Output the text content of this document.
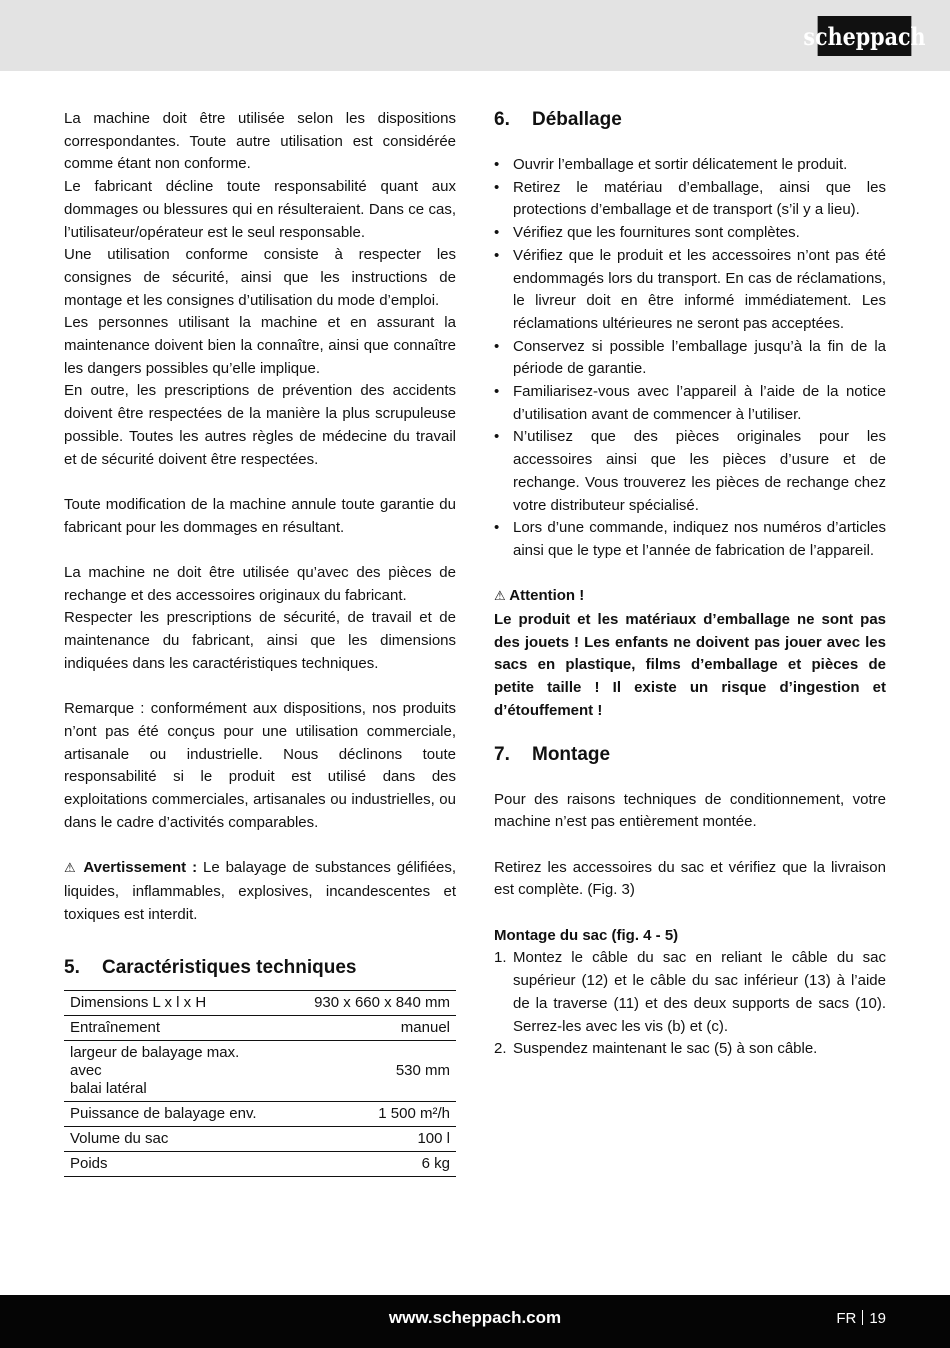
scheppach

La machine doit être utilisée selon les dispositions correspondantes. Toute autre utilisation est considérée comme étant non conforme.

Le fabricant décline toute responsabilité quant aux dommages ou blessures qui en résulteraient. Dans ce cas, l’utilisateur/opérateur est le seul responsable.

Une utilisation conforme consiste à respecter les consignes de sécurité, ainsi que les instructions de montage et les consignes d’utilisation du mode d’emploi.

Les personnes utilisant la machine et en assurant la maintenance doivent bien la connaître, ainsi que connaître les dangers possibles qu’elle implique.

En outre, les prescriptions de prévention des accidents doivent être respectées de la manière la plus scrupuleuse possible. Toutes les autres règles de médecine du travail et de sécurité doivent être respectées.

Toute modification de la machine annule toute garantie du fabricant pour les dommages en résultant.

La machine ne doit être utilisée qu’avec des pièces de rechange et des accessoires originaux du fabricant.

Respecter les prescriptions de sécurité, de travail et de maintenance du fabricant, ainsi que les dimensions indiquées dans les caractéristiques techniques.

Remarque : conformément aux dispositions, nos produits n’ont pas été conçus pour une utilisation commerciale, artisanale ou industrielle. Nous déclinons toute responsabilité si le produit est utilisé dans des exploitations commerciales, artisanales ou industrielles, ou dans le cadre d’activités comparables.

⚠ Avertissement : Le balayage de substances gélifiées, liquides, inflammables, explosives, incandescentes et toxiques est interdit.

5.	Caractéristiques techniques
Dimensions L x l x H	930 x 660 x 840 mm
Entraînement	manuel
largeur de balayage max. avec
balai latéral	530 mm
Puissance de balayage env.	1 500 m²/h
Volume du sac	100 l
Poids	6 kg
6.	Déballage
• Ouvrir l’emballage et sortir délicatement le produit.
• Retirez le matériau d’emballage, ainsi que les protections d’emballage et de transport (s’il y a lieu).
• Vérifiez que les fournitures sont complètes.
• Vérifiez que le produit et les accessoires n’ont pas été endommagés lors du transport. En cas de réclamations, le livreur doit en être informé immédiatement. Les réclamations ultérieures ne seront pas acceptées.
• Conservez si possible l’emballage jusqu’à la fin de la période de garantie.
• Familiarisez-vous avec l’appareil à l’aide de la notice d’utilisation avant de commencer à l’utiliser.
• N’utilisez que des pièces originales pour les accessoires ainsi que les pièces d’usure et de rechange. Vous trouverez les pièces de rechange chez votre distributeur spécialisé.
• Lors d’une commande, indiquez nos numéros d’articles ainsi que le type et l’année de fabrication de l’appareil.

⚠ Attention !

Le produit et les matériaux d’emballage ne sont pas des jouets ! Les enfants ne doivent pas jouer avec les sacs en plastique, films d’emballage et pièces de petite taille ! Il existe un risque d’ingestion et d’étouffement !

7.	Montage

Pour des raisons techniques de conditionnement, votre machine n’est pas entièrement montée.

Retirez les accessoires du sac et vérifiez que la livraison est complète. (Fig. 3)

Montage du sac (fig. 4 - 5)

1. Montez le câble du sac en reliant le câble du sac supérieur (12) et le câble du sac inférieur (13) à l’aide de la traverse (11) et des deux supports de sacs (10). Serrez-les avec les vis (b) et (c).
2. Suspendez maintenant le sac (5) à son câble.
www.scheppach.com	FR 19
